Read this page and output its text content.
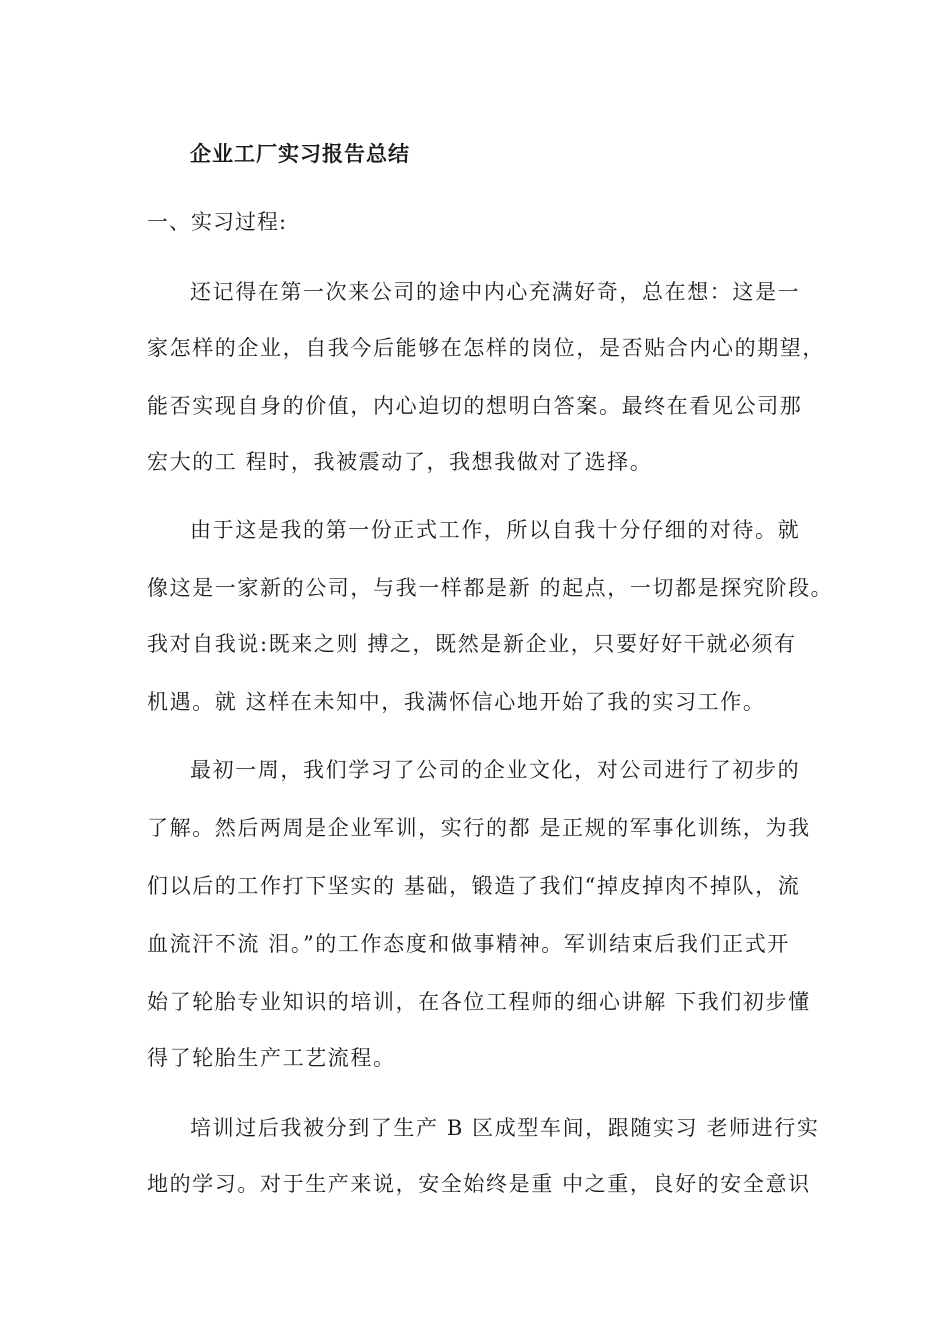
企业工厂实习报告总结
一、实习过程:
还记得在第一次来公司的途中内心充满好奇，总在想：这是一
家怎样的企业，自我今后能够在怎样的岗位，是否贴合内心的期望，
能否实现自身的价值，内心迫切的想明白答案。最终在看见公司那
宏大的工 程时，我被震动了，我想我做对了选择。
由于这是我的第一份正式工作，所以自我十分仔细的对待。就
像这是一家新的公司，与我一样都是新 的起点，一切都是探究阶段。
我对自我说:既来之则 搏之，既然是新企业，只要好好干就必须有
机遇。就 这样在未知中，我满怀信心地开始了我的实习工作。
最初一周，我们学习了公司的企业文化，对公司进行了初步的
了解。然后两周是企业军训，实行的都 是正规的军事化训练，为我
们以后的工作打下坚实的 基础，锻造了我们“掉皮掉肉不掉队，流
血流汗不流 泪。”的工作态度和做事精神。军训结束后我们正式开
始了轮胎专业知识的培训，在各位工程师的细心讲解 下我们初步懂
得了轮胎生产工艺流程。
培训过后我被分到了生产 B 区成型车间，跟随实习 老师进行实
地的学习。对于生产来说，安全始终是重 中之重，良好的安全意识
